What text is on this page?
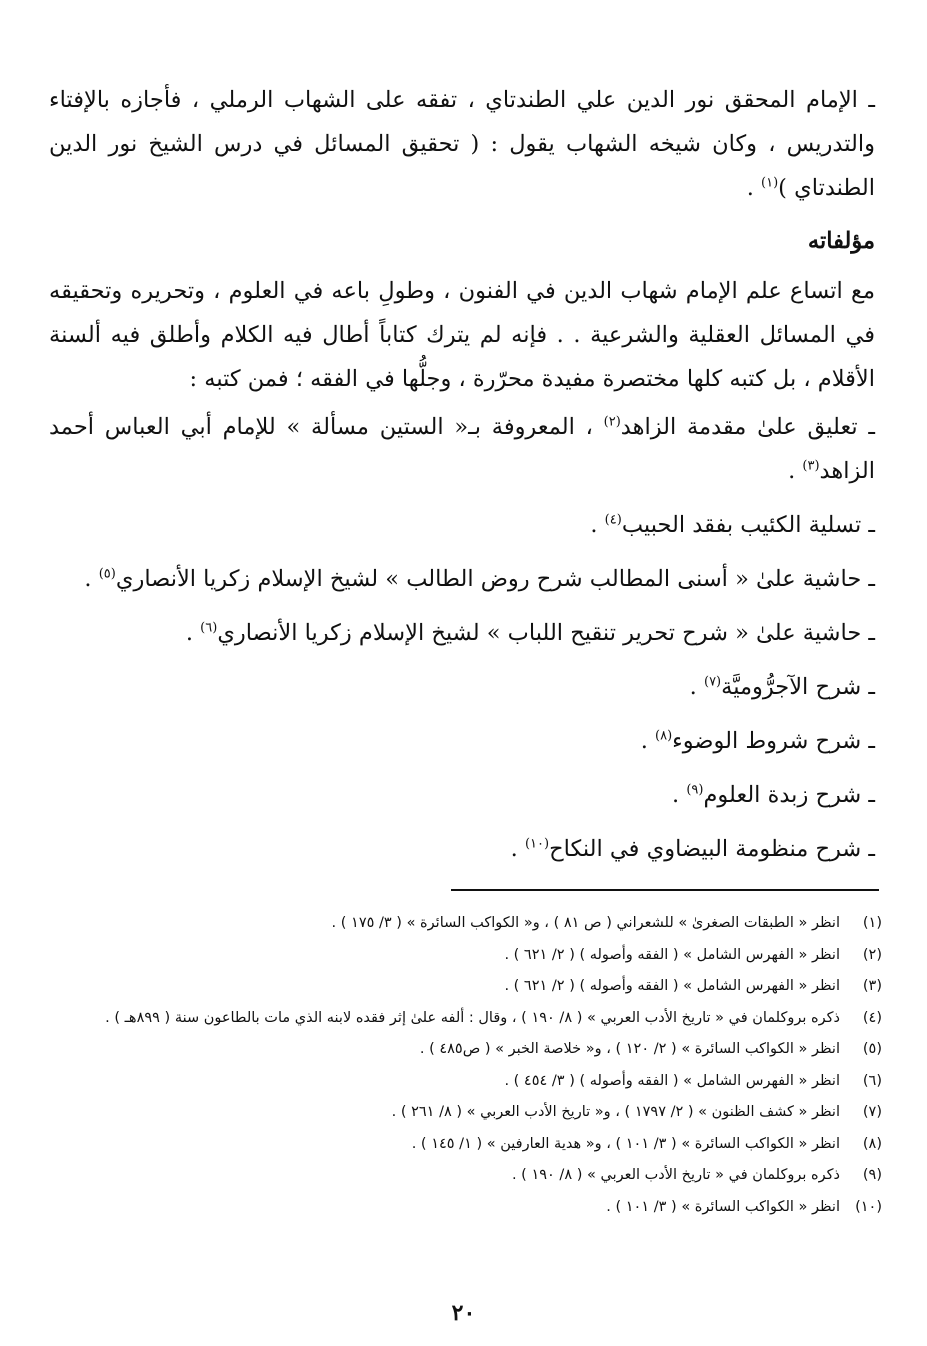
ـ الإمام المحقق نور الدين علي الطندتاي ، تفقه على الشهاب الرملي ، فأجازه بالإفتاء والتدريس ، وكان شيخه الشهاب يقول : ( تحقيق المسائل في درس الشيخ نور الدين الطندتاي )$^{(١)}$ .

مؤلفاته

مع اتساع علم الإمام شهاب الدين في الفنون ، وطولِ باعه في العلوم ، وتحريره وتحقيقه في المسائل العقلية والشرعية . . فإنه لم يترك كتاباً أطال فيه الكلام وأطلق فيه ألسنة الأقلام ، بل كتبه كلها مختصرة مفيدة محرّرة ، وجلُّها في الفقه ؛ فمن كتبه :

ـ تعليق علىٰ مقدمة الزاهد$^{(٢)}$ ، المعروفة بـ« الستين مسألة » للإمام أبي العباس أحمد الزاهد$^{(٣)}$ .

ـ تسلية الكئيب بفقد الحبيب$^{(٤)}$ .

ـ حاشية علىٰ « أسنى المطالب شرح روض الطالب » لشيخ الإسلام زكريا الأنصاري$^{(٥)}$ .

ـ حاشية علىٰ « شرح تحرير تنقيح اللباب » لشيخ الإسلام زكريا الأنصاري$^{(٦)}$ .

ـ شرح الآجرُّوميَّة$^{(٧)}$ .

ـ شرح شروط الوضوء$^{(٨)}$ .

ـ شرح زبدة العلوم$^{(٩)}$ .

ـ شرح منظومة البيضاوي في النكاح$^{(١٠)}$ .

(١)
انظر « الطبقات الصغرىٰ » للشعراني ( ص ٨١ ) ، و« الكواكب السائرة » ( ٣/ ١٧٥ ) .
(٢)
انظر « الفهرس الشامل » ( الفقه وأصوله ) ( ٢/ ٦٢١ ) .
(٣)
انظر « الفهرس الشامل » ( الفقه وأصوله ) ( ٢/ ٦٢١ ) .
(٤)
ذكره بروكلمان في « تاريخ الأدب العربي » ( ٨/ ١٩٠ ) ، وقال : ألفه علىٰ إثر فقده لابنه الذي مات بالطاعون سنة ( ٨٩٩هـ ) .
(٥)
انظر « الكواكب السائرة » ( ٢/ ١٢٠ ) ، و« خلاصة الخبر » ( ص٤٨٥ ) .
(٦)
انظر « الفهرس الشامل » ( الفقه وأصوله ) ( ٣/ ٤٥٤ ) .
(٧)
انظر « كشف الظنون » ( ٢/ ١٧٩٧ ) ، و« تاريخ الأدب العربي » ( ٨/ ٢٦١ ) .
(٨)
انظر « الكواكب السائرة » ( ٣/ ١٠١ ) ، و« هدية العارفين » ( ١/ ١٤٥ ) .
(٩)
ذكره بروكلمان في « تاريخ الأدب العربي » ( ٨/ ١٩٠ ) .
(١٠)
انظر « الكواكب السائرة » ( ٣/ ١٠١ ) .
٢٠
